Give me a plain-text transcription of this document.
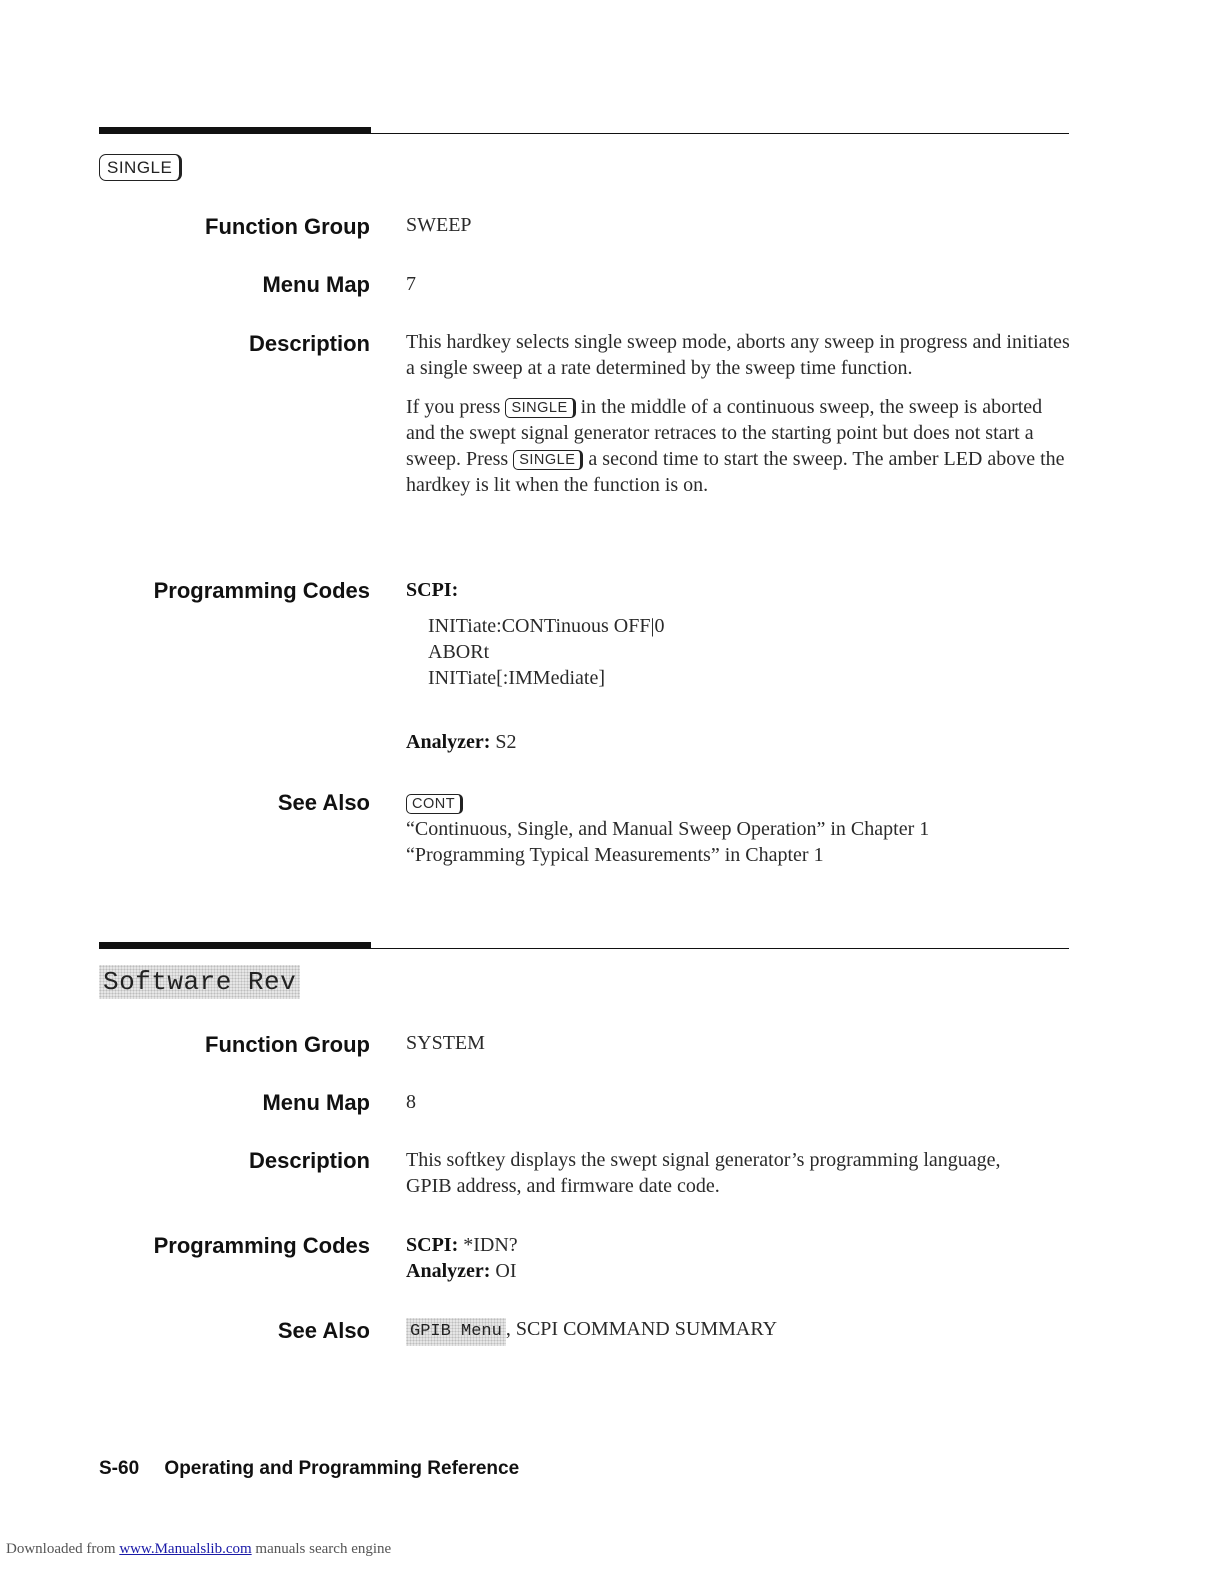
SINGLE
Function Group SWEEP
Menu Map 7
Description This hardkey selects single sweep mode, aborts any sweep in progress and initiates a single sweep at a rate determined by the sweep time function.

If you press SINGLE in the middle of a continuous sweep, the sweep is aborted and the swept signal generator retraces to the starting point but does not start a sweep. Press SINGLE a second time to start the sweep. The amber LED above the hardkey is lit when the function is on.

Programming Codes SCPI:

INITiate:CONTinuous OFF|0

ABORt

INITiate[:IMMediate]

Analyzer: S2

See Also	CONT

“Continuous, Single, and Manual Sweep Operation” in Chapter 1

“Programming Typical Measurements” in Chapter 1

Software Rev
Function Group SYSTEM
Menu Map 8
Description This softkey displays the swept signal generator’s programming language, GPIB address, and firmware date code.

Programming Codes SCPI: *IDN?

Analyzer: OI

See Also GPIB Menu , SCPI COMMAND SUMMARY

S-60 Operating and Programming Reference
Downloaded from www.Manualslib.com manuals search engine
